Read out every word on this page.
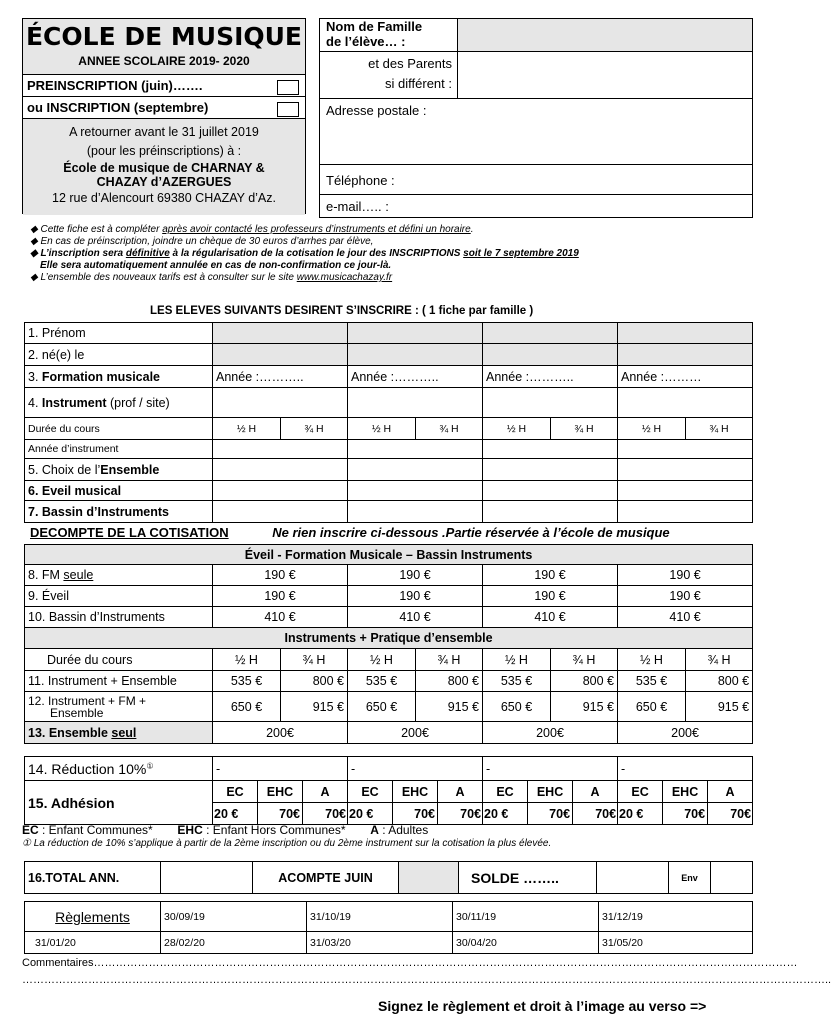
ÉCOLE DE MUSIQUE
ANNEE SCOLAIRE 2019- 2020
PREINSCRIPTION (juin)…….
ou INSCRIPTION (septembre)
A retourner avant le 31 juillet 2019
(pour les préinscriptions) à :
École de musique de CHARNAY &
CHAZAY d’AZERGUES
12 rue d’Alencourt 69380 CHAZAY d’Az.
Nom de Famille
de l’élève… :
et des Parents
si différent :
Adresse postale :
Téléphone :
e-mail….. :
◆ Cette fiche est à compléter après avoir contacté les professeurs d’instruments et défini un horaire.
◆ En cas de préinscription, joindre un chèque de 30 euros d’arrhes par élève,
◆ L’inscription sera définitive à la régularisation de la cotisation le jour des INSCRIPTIONS soit le 7 septembre 2019
Elle sera automatiquement annulée en cas de non-confirmation ce jour-là.
◆ L’ensemble des nouveaux tarifs est à consulter sur le site www.musicachazay.fr
LES ELEVES SUIVANTS DESIRENT S’INSCRIRE : ( 1 fiche par famille )
1. Prénom								
2. né(e) le								
3. Formation musicale	Année :………..		Année :………..		Année :………..		Année :………	
4. Instrument (prof / site)								
Durée du cours	½ H	¾ H	½ H	¾ H	½ H	¾ H	½ H	¾ H
Année d’instrument								
5. Choix de l’Ensemble								
6. Eveil musical								
7. Bassin d’Instruments								
DECOMPTE DE LA COTISATION	Ne rien inscrire ci-dessous .Partie réservée à l’école de musique
Éveil - Formation Musicale – Bassin Instruments								
8. FM seule	190 €		190 €		190 €		190 €	
9. Éveil	190 €		190 €		190 €		190 €	
10. Bassin d’Instruments	410 €		410 €		410 €		410 €	
Instruments + Pratique d’ensemble								
Durée du cours	½ H	¾ H	½ H	¾ H	½ H	¾ H	½ H	¾ H
11. Instrument + Ensemble	535 €	800 €	535 €	800 €	535 €	800 €	535 €	800 €

12. Instrument + FM +
Ensemble	650 €	915 €	650 €	915 €	650 €	915 €	650 €	915 €
13. Ensemble seul	200€		200€		200€		200€	
14. Réduction 10%①	-			-			-			-		
15. Adhésion	EC	EHC	A	EC	EHC	A	EC	EHC	A	EC	EHC	A
	20 €	70€	70€	20 €	70€	70€	20 €	70€	70€	20 €	70€	70€
EC : Enfant Communes* EHC : Enfant Hors Communes* A : Adultes
① La réduction de 10% s’applique à partir de la 2ème inscription ou du 2ème instrument sur la cotisation la plus élevée.
16.TOTAL ANN.		ACOMPTE JUIN		SOLDE ……..		Env	
Règlements	30/09/19	31/10/19	30/11/19	31/12/19
31/01/20	28/02/20	31/03/20	30/04/20	31/05/20
Commentaires…………………………………………………………………………………………………………………………………………………………………………
…………………………………………………………………………………………………………………………………………………………………………………………………..
Signez le règlement et droit à l’image au verso =>
